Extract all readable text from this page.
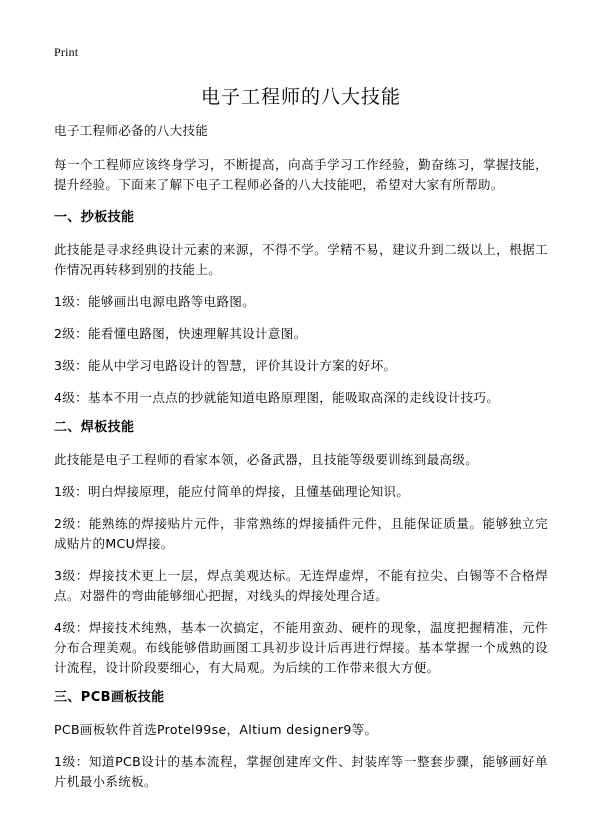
Print

电子工程师的八大技能

电子工程师必备的八大技能

每一个工程师应该终身学习，不断提高，向高手学习工作经验，勤奋练习，掌握技能，提升经验。下面来了解下电子工程师必备的八大技能吧，希望对大家有所帮助。

一、抄板技能

此技能是寻求经典设计元素的来源，不得不学。学精不易，建议升到二级以上，根据工作情况再转移到别的技能上。

1级：能够画出电源电路等电路图。

2级：能看懂电路图，快速理解其设计意图。

3级：能从中学习电路设计的智慧，评价其设计方案的好坏。

4级：基本不用一点点的抄就能知道电路原理图，能吸取高深的走线设计技巧。

二、焊板技能

此技能是电子工程师的看家本领，必备武器，且技能等级要训练到最高级。

1级：明白焊接原理，能应付简单的焊接，且懂基础理论知识。

2级：能熟练的焊接贴片元件，非常熟练的焊接插件元件，且能保证质量。能够独立完成贴片的MCU焊接。

3级：焊接技术更上一层，焊点美观达标。无连焊虚焊，不能有拉尖、白锡等不合格焊点。对器件的弯曲能够细心把握，对线头的焊接处理合适。

4级：焊接技术纯熟，基本一次搞定，不能用蛮劲、硬杵的现象，温度把握精准，元件分布合理美观。布线能够借助画图工具初步设计后再进行焊接。基本掌握一个成熟的设计流程，设计阶段要细心，有大局观。为后续的工作带来很大方便。

三、PCB画板技能

PCB画板软件首选Protel99se，Altium designer9等。

1级：知道PCB设计的基本流程，掌握创建库文件、封装库等一整套步骤，能够画好单片机最小系统板。
